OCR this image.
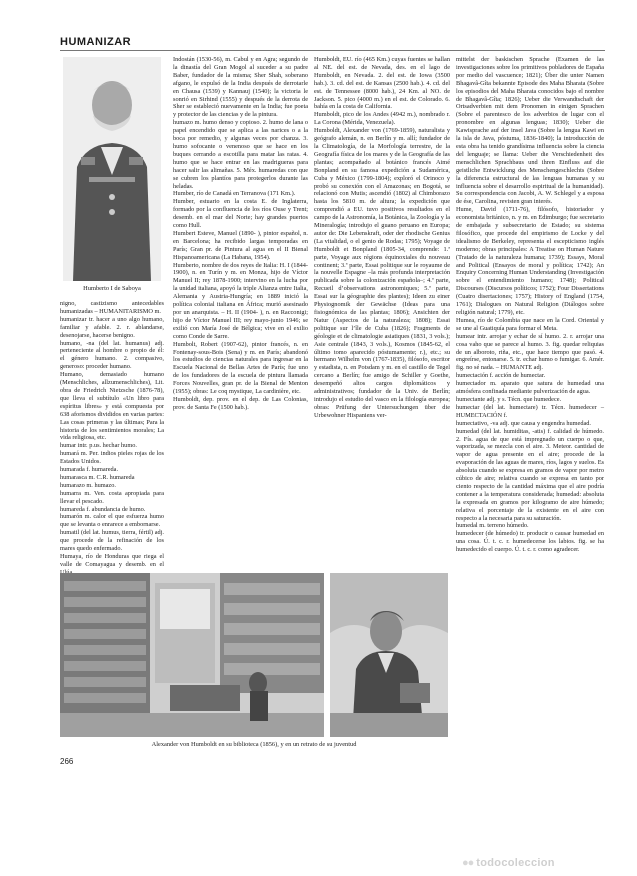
HUMANIZAR
Humberto I de Saboya

nigno, castizismo antecedables humanizadas – HUMANITARISMO m.

humanizar tr. hacer a uno algo humano, familiar y afable. 2. r. ablandarse, desenojarse, hacerse benigno.

humano, -na (del lat. humanus) adj. perteneciente al hombre o propio de él: el género humano. 2. compasivo, generoso: proceder humano.

Humano, demasiado humano (Menschliches, allzumenschliches), Lit. obra de Friedrich Nietzsche (1876-78), que lleva el subtítulo «Un libro para espíritus libres» y está compuesta por 638 aforismos divididos en varias partes: Las cosas primeras y las últimas; Para la historia de los sentimientos morales; La vida religiosa, etc.

humar intr. p.us. hechar humo.

humará m. Per. indios pieles rojas de los Estados Unidos.

humarada f. humareda.

humarasca m. C.R. humareda

humarazo m. humazo.

humarra m. Ven. costa apropiada para llevar el pescado.

humareda f. abundancia de humo.

humarón m. calor el que esfuerza humo que se levanta o enrarece a embornarse.

humatil (del lat. humus, tierra, fértil) adj. que procede de la refinación de los mares quedo enfermado.

Humaya, río de Honduras que riega el valle de Comayagua y desemb. en el

Indostán (1530-56), m. Cabul y en Agra; segundo de la dinastía del Gran Mogol al suceder a su padre Baber, fundador de la misma; Sher Shah, soberano afgano, le expulsó de la India después de derrotarle en Chausa (1539) y Kannauj (1540); la victoria le sonrió en Sirhind (1555) y después de la derrota de Sher se estableció nuevamente en la India; fue poeta y protector de las ciencias y de la pintura.

humazo m. humo denso y copioso. 2. humo de lana o papel encendido que se aplica a las narices o a la boca por remedio, y algunas veces por chanza. 3. humo sofocante o venenoso que se hace en los buques cerrando a escotilla para matar las ratas. 4. humo que se hace entrar en las madrigueras para hacer salir las alimañas. 5. Méx. humaredas con que se cubren los plantíos para protegerlos durante las heladas.

Humber, río de Canadá en Terranova (171 Km.).

Humber, estuario en la costa E. de Inglaterra, formado por la confluencia de los ríos Ouse y Trent; desemb. en el mar del Norte; hay grandes puertos como Hull.

Humbert Esteve, Manuel (1890- ), pintor español, n. en Barcelona; ha recibido largas temporadas en París; Gran pr. de Pintura al agua en el II Bienal Hispanoamericana (La Habana, 1954).

Humberto, nombre de dos reyes de Italia: H. I (1844-1900), n. en Turín y m. en Monza, hijo de Víctor Manuel II; rey 1878-1900; intervino en la lucha por la unidad italiana, apoyó la triple Alianza entre Italia, Alemania y Austria-Hungría; en 1889 inició la política colonial italiana en África; murió asesinado por un anarquista. – H. II (1904- ), n. en Racconigi; hijo de Víctor Manuel III; rey mayo-junio 1946; se exilió con María José de Bélgica; vive en el exilio como Conde de Sarre.

Humbolt, Robert (1907-62), pintor francés, n. en Fontenay-sous-Bois (Sena) y m. en París; abandonó los estudios de ciencias naturales para ingresar en la Escuela Nacional de Bellas Artes de París; fue uno de los fundadores de la escuela de pintura llamada Forces Nouvelles, gran pr. de la Bienal de Menton (1955); obras: Le coq mystique, La cardinière, etc.

Humboldt, dep. prov. en el dep. de Las Colonias, prov. de Santa Fe (1500 hab.).

Humboldt, EU. río (465 Km.) cuyas fuentes se hallan al NE. del est. de Nevada, des. en el lago de Humboldt, en Nevada. 2. del est. de Iowa (3500 hab.). 3. cd. del est. de Kansas (2500 hab.). 4. cd. del est. de Tennessee (8000 hab.), 24 Km. al NO. de Jackson. 5. pico (4000 m.) en el est. de Colorado. 6. bahía en la costa de California.

Humboldt, pico de los Andes (4942 m.), nombrado r. La Corona (Mérida, Venezuela).

Humboldt, Alexander von (1769-1859), naturalista y geógrafo alemán, n. en Berlín y m. allí; fundador de la Climatología, de la Morfología terrestre, de la Geografía física de los mares y de la Geografía de las plantas; acompañado al botánico francés Aimé Bonpland en su famosa expedición a Sudamérica, Cuba y México (1799-1804); exploró el Orinoco y probó su conexión con el Amazonas; en Bogotá, se relacionó con Mutis; ascendió (1802) al Chimborazo hasta los 5810 m. de altura; la expedición que comprendió a EU. tuvo positivos resultados en el campo de la Astronomía, la Botánica, la Zoología y la Mineralogía; introdujo el guano peruano en Europa; autor de: Die Lebenskraft, oder der rhodische Genius (La vitalidad, o el genio de Rodas; 1795); Voyage de Humboldt et Bonpland (1805-34, comprende: 1.ª parte, Voyage aux régions équinoxiales du nouveau continent; 3.ª parte, Essai politique sur le royaume de la nouvelle Espagne –la más profunda interpretación publicada sobre la colonización española–; 4.ª parte, Recueil d’observations astronomiques; 5.ª parte, Essai sur la géographie des plantes); Ideen zu einer Physiognomik der Gewächse (Ideas para una fisiognómica de las plantas; 1806); Ansichten der Natur (Aspectos de la naturaleza; 1808); Essai politique sur l’île de Cuba (1826); Fragments de géologie et de climatologie asiatiques (1831, 3 vols.); Asie centrale (1843, 3 vols.), Kosmos (1845-62, el último tomo aparecido póstumamente; r.), etc.; su hermano Wilhelm von (1767-1835), filósofo, escritor y estadista, n. en Potsdam y m. en el castillo de Tegel cercano a Berlín; fue amigo de Schiller y Goethe, desempeñó altos cargos diplomáticos y administrativos; fundador de la Univ. de Berlín; introdujo el estudio del vasco en la filología europea; obras: Prüfung der Untersuchungen über die Urbewohner Hispaniens ver-

mittelst der baskischen Sprache (Examen de las investigaciones sobre los primitivos pobladores de España por medio del vascuence; 1821); Über die unter Namen Bhagavâ-Gîta bekannte Episode des Maha Bharata (Sobre los episodios del Maha Bharata conocidos bajo el nombre de Bhagavâ-Gîta; 1826); Ueber die Verwandtschaft der Ortsadverbien mit dem Pronomen in einigen Sprachen (Sobre el parentesco de los adverbios de lugar con el pronombre en algunas lenguas; 1830); Ueber die Kawisprache auf der insel Java (Sobre la lengua Kawi en la isla de Java, póstuma, 1836-1840); la introducción de esta obra ha tenido grandísima influencia sobre la ciencia del lenguaje; se llama: Ueber die Verschiedenheit des menschlichen Sprachbaus und ihren Einfluss auf die geistliche Entwicklung des Menschengeschlechts (Sobre la diferencia estructural de las lenguas humanas y su influencia sobre el desarrollo espiritual de la humanidad). Su correspondencia con Jacobi, A. W. Schlegel y a esposa de ése, Carolina, revisten gran interés.

Hume, David (1711-76), filósofo, historiador y economista británico, n. y m. en Edimburgo; fue secretario de embajada y subsecretario de Estado; su sistema filosófico, que procede del empirismo de Locke y del idealismo de Berkeley, representa el escepticismo inglés moderno; obras principales: A Treatise on Human Nature (Tratado de la naturaleza humana; 1739); Essays, Moral and Political (Ensayos de moral y política; 1742); An Enquiry Concerning Human Understanding (Investigación sobre el entendimiento humano; 1748); Political Discourses (Discursos políticos; 1752); Four Dissertations (Cuatro disertaciones; 1757); History of England (1754, 1761); Dialogues on Natural Religion (Diálogos sobre religión natural; 1779), etc.

Humea, río de Colombia que nace en la Cord. Oriental y se une al Guatiquía para formar el Meta.

humear intr. arrojar y echar de sí humo. 2. r. arrojar una cosa vaho que se parece al humo. 3. fig. quedar reliquias de un alboroto, riña, etc., que hace tiempo que pasó. 4. engreírse, entonarse. 5. tr. echar humo o fumigar. 6. Amér. fig. no sé nada. – HUMANTE adj.

humectación f. acción de humectar.

humectador m. aparato que satura de humedad una atmósfera confinada mediante pulverización de agua.

humectante adj. y s. Técn. que humedece.

humectar (del lat. humectare) tr. Técn. humedecer – HUMECTACIÓN f.

humectativo, -va adj. que causa y engendra humedad.

humedad (del lat. humiditas, -atis) f. calidad de húmedo. 2. Fís. agua de que está impregnado un cuerpo o que, vaporizada, se mezcla con el aire. 3. Meteor. cantidad de vapor de agua presente en el aire; procede de la evaporación de las aguas de mares, ríos, lagos y suelos. Es absoluta cuando se expresa en gramos de vapor por metro cúbico de aire; relativa cuando se expresa en tanto por ciento respecto de la cantidad máxima que el aire podría contener a la temperatura considerada; humedad: absoluta la expresada en gramos por kilogramo de aire húmedo; relativa el porcentaje de la existente en el aire con respecto a la necesaria para su saturación.

humedal m. terreno húmedo.

humedecer (de húmedo) tr. producir o causar humedad en una cosa. Ú. t. c. r. humedecerse los labios. fig. se ha humedecido el cuerpo. Ú. t. c. r. como agradecer.

Alexander von Humboldt en su biblioteca (1856), y en un retrato de su juventud
266
●● todocoleccion
